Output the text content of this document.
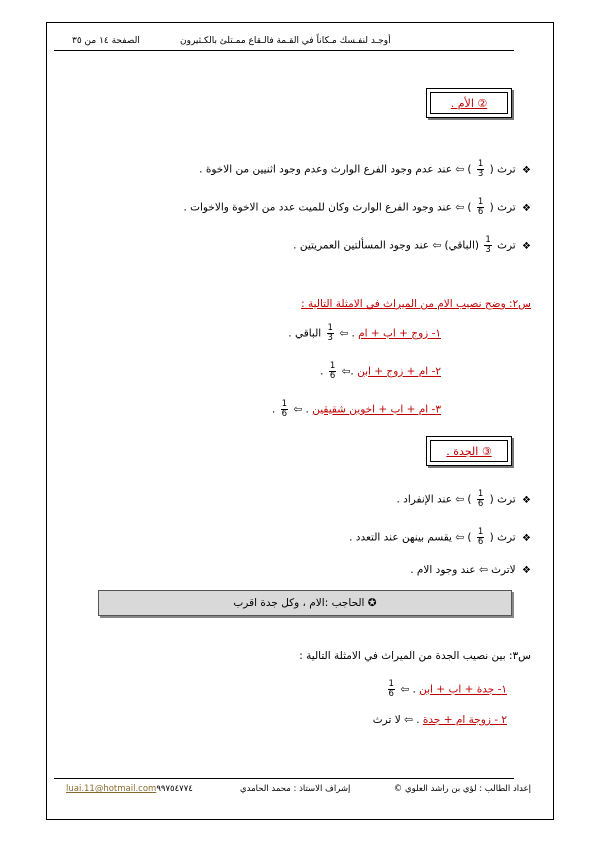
الصفحة ١٤ من ٣٥	أوجـد لنفـسك مـكاناً في القـمة فالـقاع ممـتلئ بالكـثيرون
② الأم .
❖ ترث (
$\frac{1}{3}$
) ⇦ عند عدم وجود الفرع الوارث وعدم وجود اثنيين من الاخوة .
❖ ترث (
$\frac{1}{6}$
) ⇦ عند وجود الفرع الوارث وكان للميت عدد من الاخوة والاخوات .
❖ ترث
$\frac{1}{3}$
(الباقي) ⇦ عند وجود المسألتين العمريتين .
س٢: وضح نصيب الام من الميراث في الامثلة التالية :
١- زوج + اب + ام . ⇦
$\frac{1}{3}$
الباقي .
٢- ام + زوج + ابن .⇦
$\frac{1}{6}$
.
٣- ام + اب + اخوين شقيقين . ⇦
$\frac{1}{6}$
.
③ الجدة .
❖ ترث (
$\frac{1}{6}$
) ⇦ عند الإنفراد .
❖ ترث (
$\frac{1}{6}$
) ⇦ يقسم بينهن عند التعدد .
❖ لاترث ⇦ عند وجود الام .
✪ الحاجب :الام ، وكل جدة اقرب
س٣: بين نصيب الجدة من الميراث في الامثلة التالية :
١- جدة + اب + ابن . ⇦
$\frac{1}{6}$
٢ - زوجة ام + جدة . ⇦ لا ترث
إعداد الطالب : لؤي بن راشد العلوي ©
إشراف الاستاذ : محمد الحامدي
luai.11@hotmail.com٩٩٧٥٤٧٧٤
